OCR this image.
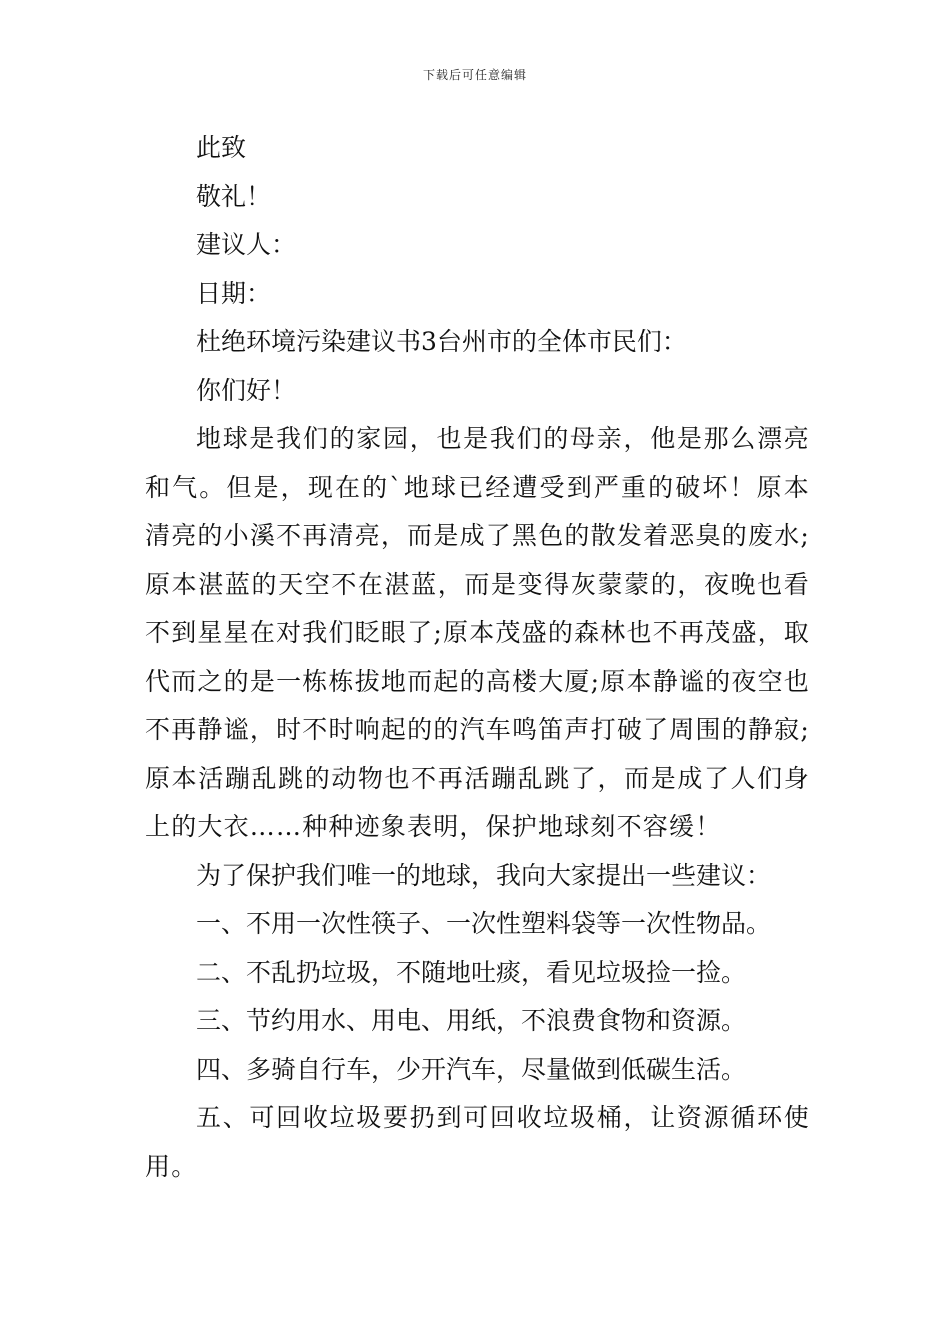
下载后可任意编辑

此致

敬礼！

建议人：

日期：

杜绝环境污染建议书3台州市的全体市民们：

你们好！

地球是我们的家园，也是我们的母亲，他是那么漂亮和气。但是，现在的`地球已经遭受到严重的破坏！原本清亮的小溪不再清亮，而是成了黑色的散发着恶臭的废水;原本湛蓝的天空不在湛蓝，而是变得灰蒙蒙的，夜晚也看不到星星在对我们眨眼了;原本茂盛的森林也不再茂盛，取代而之的是一栋栋拔地而起的高楼大厦;原本静谧的夜空也不再静谧，时不时响起的的汽车鸣笛声打破了周围的静寂;原本活蹦乱跳的动物也不再活蹦乱跳了，而是成了人们身上的大衣……种种迹象表明，保护地球刻不容缓！

为了保护我们唯一的地球，我向大家提出一些建议：

一、不用一次性筷子、一次性塑料袋等一次性物品。

二、不乱扔垃圾，不随地吐痰，看见垃圾捡一捡。

三、节约用水、用电、用纸，不浪费食物和资源。

四、多骑自行车，少开汽车，尽量做到低碳生活。

五、可回收垃圾要扔到可回收垃圾桶，让资源循环使用。
